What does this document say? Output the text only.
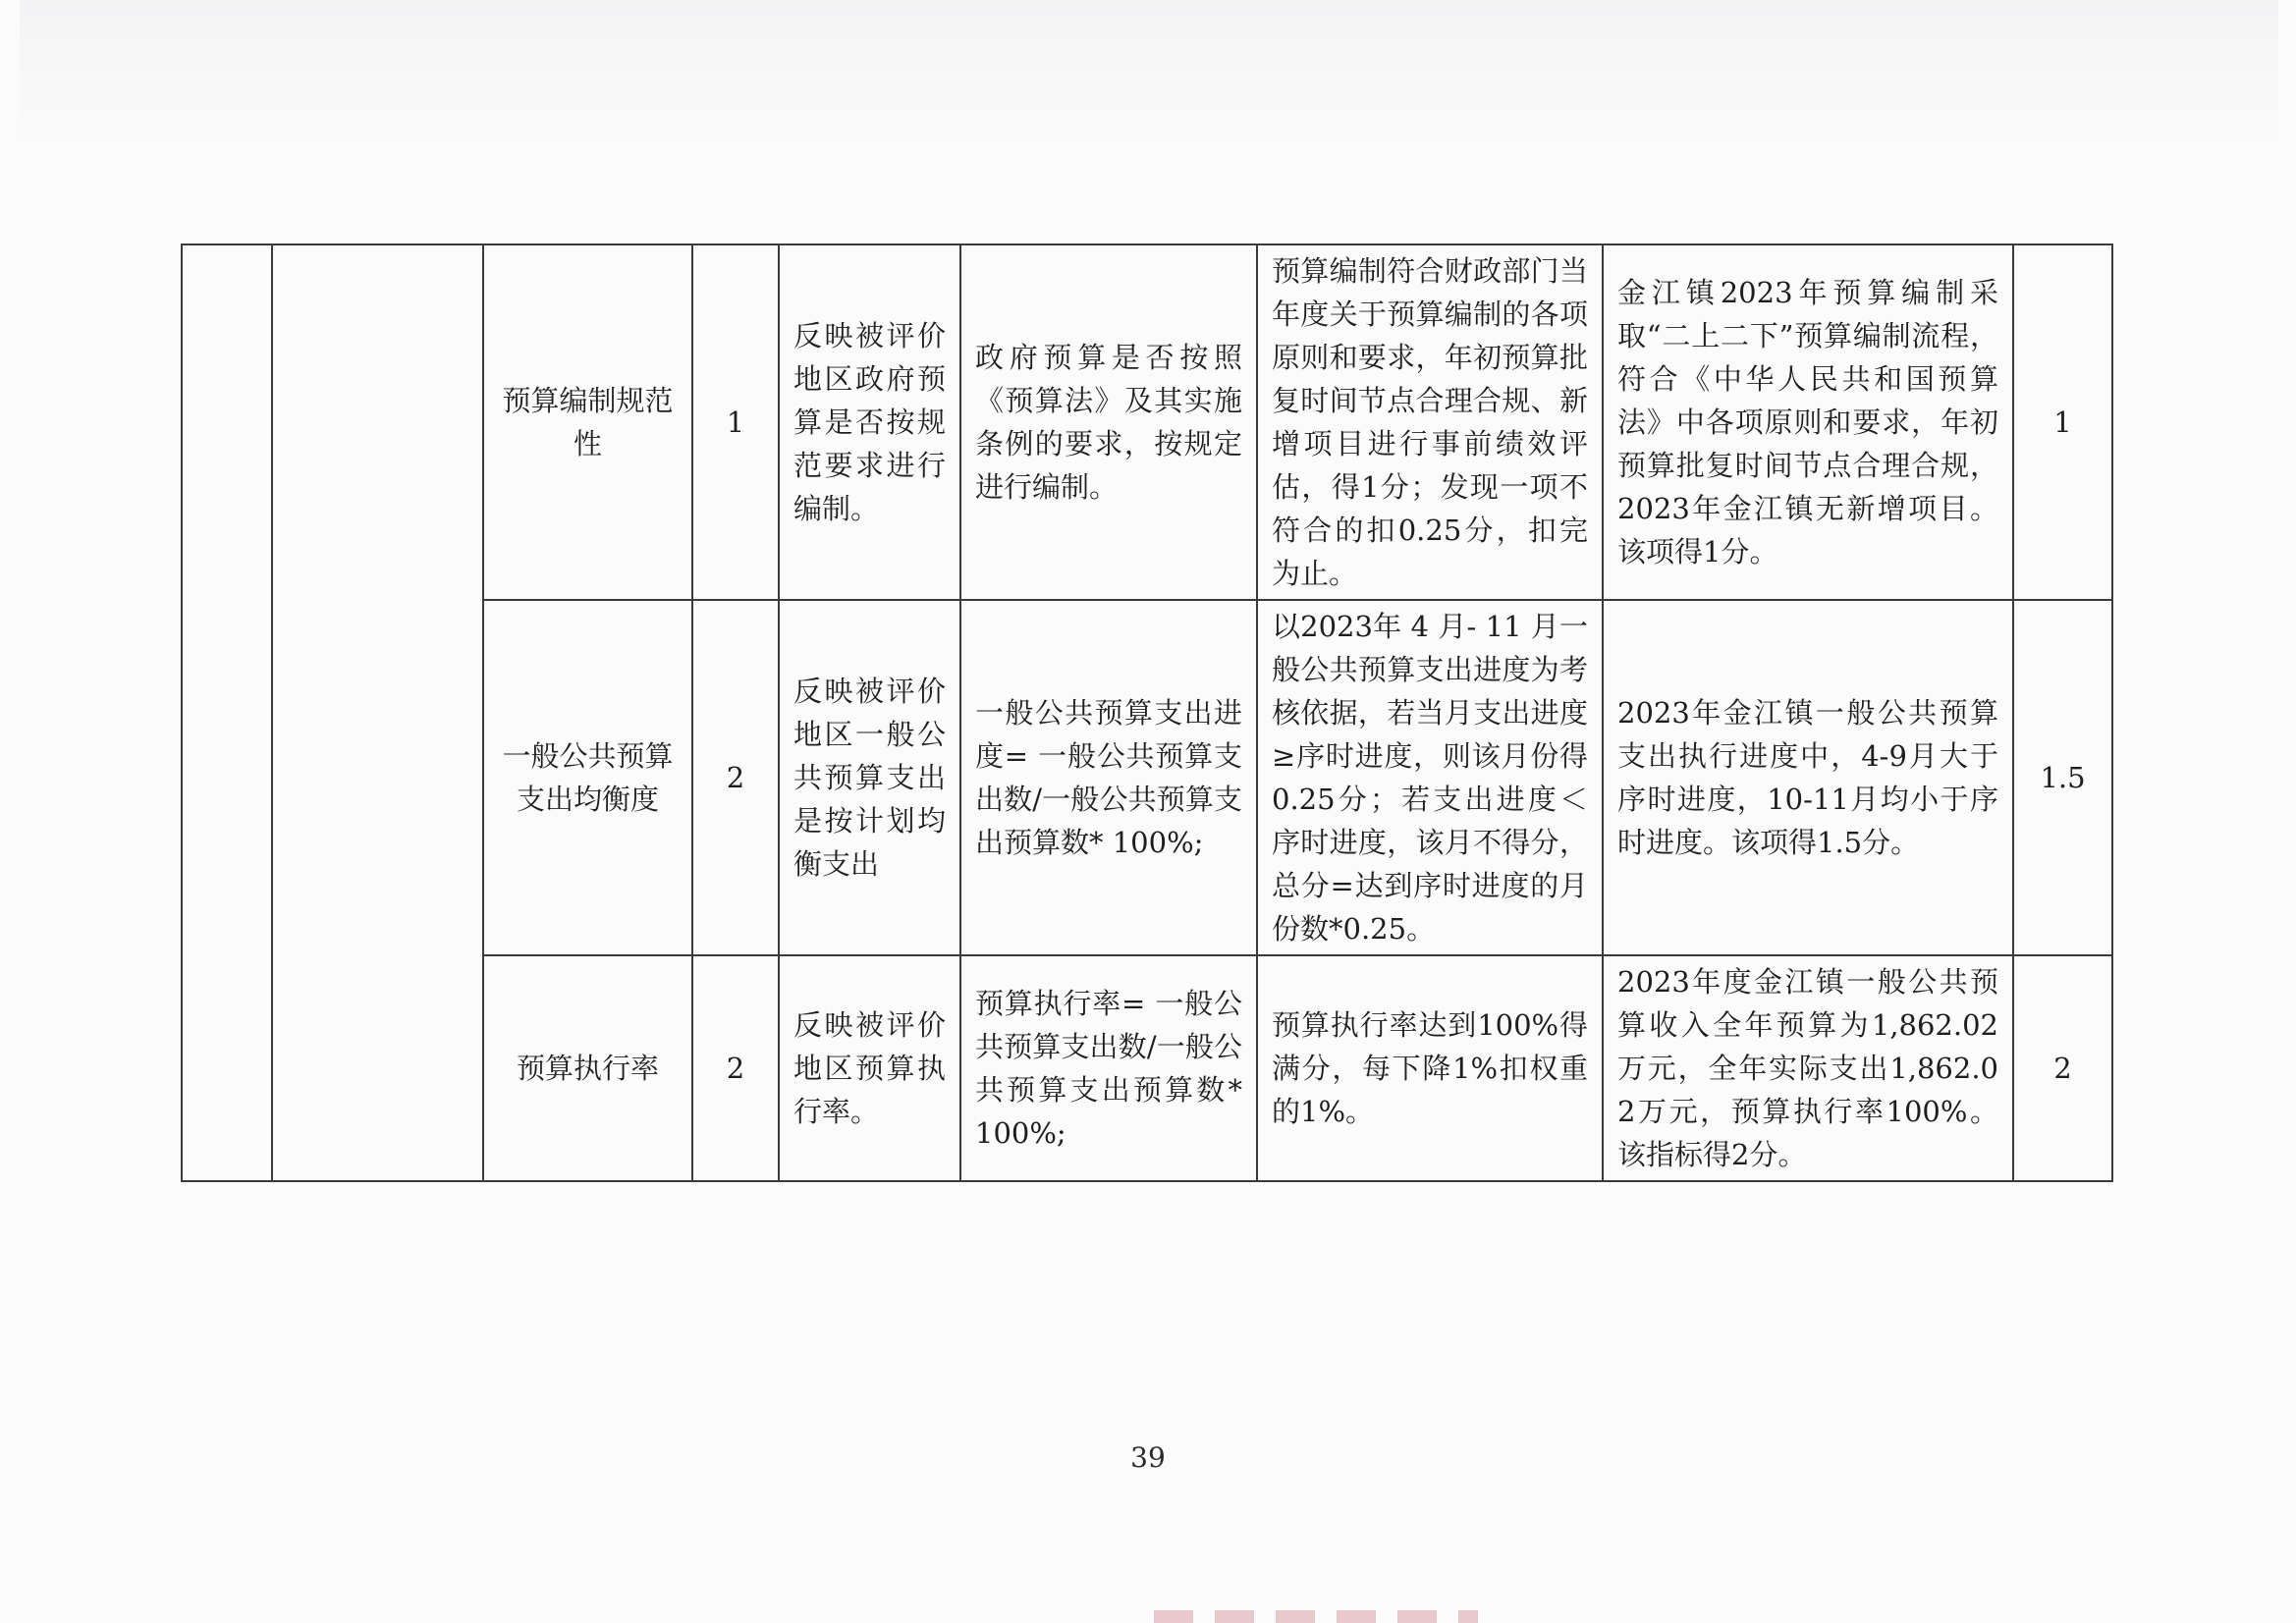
		预算编制规范性	1	反映被评价地区政府预算是否按规范要求进行编制。	政府预算是否按照《预算法》及其实施条例的要求，按规定进行编制。	预算编制符合财政部门当年度关于预算编制的各项原则和要求，年初预算批复时间节点合理合规、新增项目进行事前绩效评估，得1分；发现一项不符合的扣0.25分，扣完为止。	金江镇2023年预算编制采取“二上二下”预算编制流程，符合《中华人民共和国预算法》中各项原则和要求，年初预算批复时间节点合理合规，2023年金江镇无新增项目。该项得1分。	1
		一般公共预算支出均衡度	2	反映被评价地区一般公共预算支出是按计划均衡支出	一般公共预算支出进度= 一般公共预算支出数/一般公共预算支出预算数* 100%;	以2023年 4 月- 11 月一般公共预算支出进度为考核依据，若当月支出进度≥序时进度，则该月份得0.25分；若支出进度＜序时进度，该月不得分，总分=达到序时进度的月份数*0.25。	2023年金江镇一般公共预算支出执行进度中，4-9月大于序时进度，10-11月均小于序时进度。该项得1.5分。	1.5
		预算执行率	2	反映被评价地区预算执行率。	预算执行率= 一般公共预算支出数/一般公共预算支出预算数* 100%;	预算执行率达到100%得满分，每下降1%扣权重的1%。	2023年度金江镇一般公共预算收入全年预算为1,862.02万元，全年实际支出1,862.02万元，预算执行率100%。该指标得2分。	2
39
